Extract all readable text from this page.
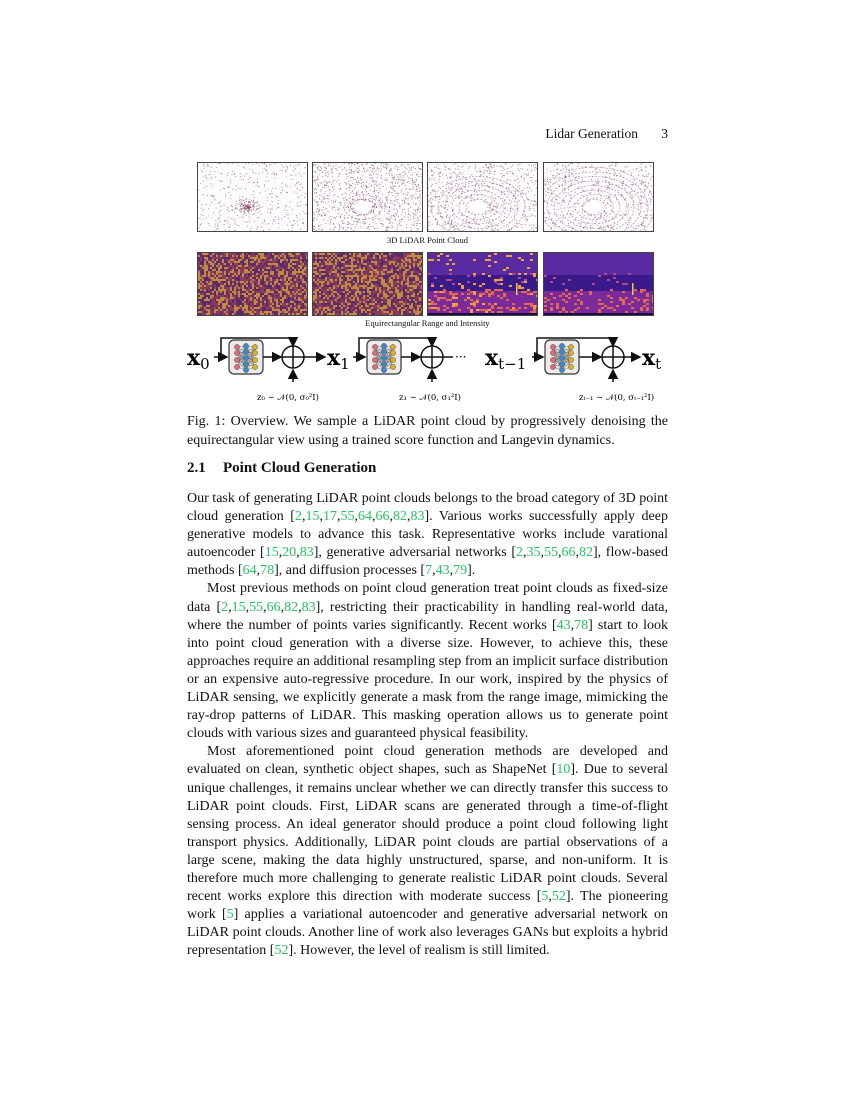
Lidar Generation 3
3D LiDAR Point Cloud
Equirectangular Range and Intensity
x0
z₀ ∼ 𝒩(0, σ₀²I)
x1	···
z₁ ∼ 𝒩(0, σ₁²I)
xt−1	xt
zₜ₋₁ ∼ 𝒩(0, σₜ₋₁²I)
Fig. 1: Overview. We sample a LiDAR point cloud by progressively denoising the equirectangular view using a trained score function and Langevin dynamics.
2.1 Point Cloud Generation

Our task of generating LiDAR point clouds belongs to the broad category of 3D point cloud generation [2,15,17,55,64,66,82,83]. Various works successfully apply deep generative models to advance this task. Representative works include varational autoencoder [15,20,83], generative adversarial networks [2,35,55,66,82], flow-based methods [64,78], and diffusion processes [7,43,79].

Most previous methods on point cloud generation treat point clouds as fixed-size data [2,15,55,66,82,83], restricting their practicability in handling real-world data, where the number of points varies significantly. Recent works [43,78] start to look into point cloud generation with a diverse size. However, to achieve this, these approaches require an additional resampling step from an implicit surface distribution or an expensive auto-regressive procedure. In our work, inspired by the physics of LiDAR sensing, we explicitly generate a mask from the range image, mimicking the ray-drop patterns of LiDAR. This masking operation allows us to generate point clouds with various sizes and guaranteed physical feasibility.

Most aforementioned point cloud generation methods are developed and evaluated on clean, synthetic object shapes, such as ShapeNet [10]. Due to several unique challenges, it remains unclear whether we can directly transfer this success to LiDAR point clouds. First, LiDAR scans are generated through a time-of-flight sensing process. An ideal generator should produce a point cloud following light transport physics. Additionally, LiDAR point clouds are partial observations of a large scene, making the data highly unstructured, sparse, and non-uniform. It is therefore much more challenging to generate realistic LiDAR point clouds. Several recent works explore this direction with moderate success [5,52]. The pioneering work [5] applies a variational autoencoder and generative adversarial network on LiDAR point clouds. Another line of work also leverages GANs but exploits a hybrid representation [52]. However, the level of realism is still limited.
